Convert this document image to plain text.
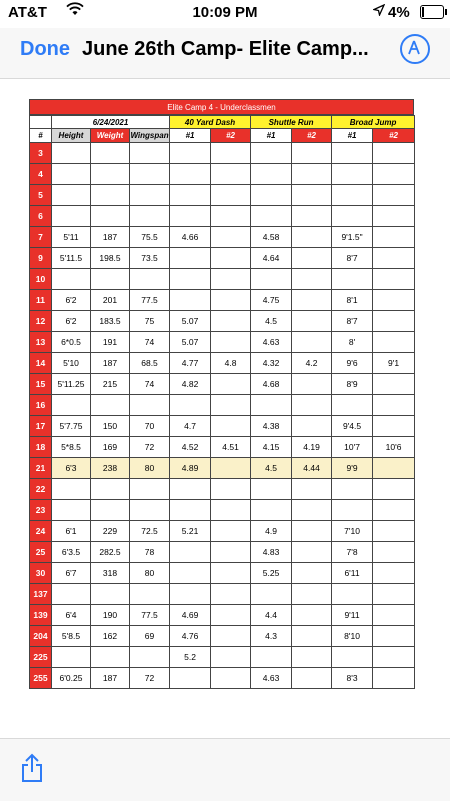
AT&T	10:09 PM	4%
Done June 26th Camp- Elite Camp...
Elite Camp 4 - Underclassmen
	6/24/2021			40 Yard Dash		Shuttle Run		Broad Jump	
#	Height	Weight	Wingspan	#1	#2	#1	#2	#1	#2
3									
4									
5									
6									
7	5'11	187	75.5	4.66		4.58		9'1.5"	
9	5'11.5	198.5	73.5			4.64		8'7	
10									
11	6'2	201	77.5			4.75		8'1	
12	6'2	183.5	75	5.07		4.5		8'7	
13	6*0.5	191	74	5.07		4.63		8'	
14	5'10	187	68.5	4.77	4.8	4.32	4.2	9'6	9'1
15	5'11.25	215	74	4.82		4.68		8'9	
16									
17	5'7.75	150	70	4.7		4.38		9'4.5	
18	5*8.5	169	72	4.52	4.51	4.15	4.19	10'7	10'6
21	6'3	238	80	4.89		4.5	4.44	9'9	
22									
23									
24	6'1	229	72.5	5.21		4.9		7'10	
25	6'3.5	282.5	78			4.83		7'8	
30	6'7	318	80			5.25		6'11	
137									
139	6'4	190	77.5	4.69		4.4		9'11	
204	5'8.5	162	69	4.76		4.3		8'10	
225				5.2					
255	6'0.25	187	72			4.63		8'3	
